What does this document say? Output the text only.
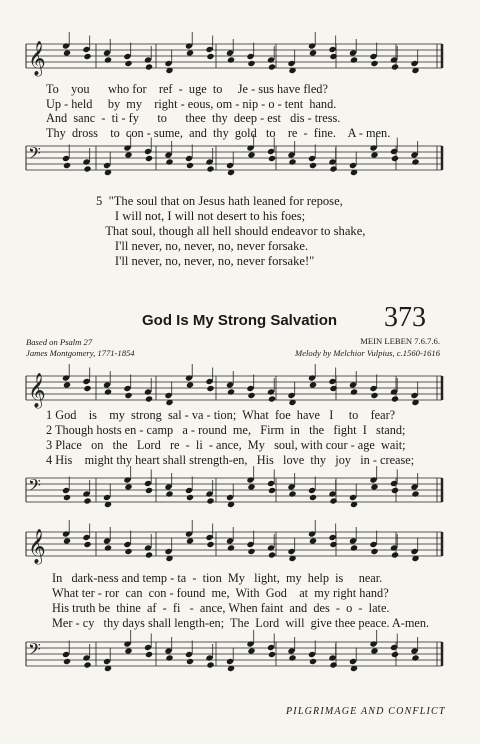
𝄞
To    you      who for    ref  -  uge  to     Je - sus have fled?
Up - held     by  my    right - eous, om - nip - o - tent  hand.
And  sanc  -  ti - fy      to      thee  thy  deep - est   dis - tress.
Thy  dross    to  con - sume,  and  thy  gold   to    re  -  fine.    A - men.
𝄢
5  "The soul that on Jesus hath leaned for repose,
I will not, I will not desert to his foes;
That soul, though all hell should endeavor to shake,
I'll never, no, never, no, never forsake.
I'll never, no, never, no, never forsake!"
God Is My Strong Salvation 373
Based on Psalm 27
James Montgomery, 1771-1854
MEIN LEBEN 7.6.7.6.
Melody by Melchior Vulpius, c.1560-1616
𝄞
1 God    is    my  strong  sal - va - tion;  What  foe  have   I     to    fear?
2 Though hosts en - camp   a - round  me,   Firm  in   the   fight  I   stand;
3 Place   on   the   Lord   re  -  li  - ance,  My   soul, with cour - age  wait;
4 His    might thy heart shall strength-en,   His   love  thy   joy   in - crease;
𝄢
𝄞
In   dark-ness and temp - ta  -  tion  My   light,  my  help  is     near.
What ter - ror  can  con - found  me,  With  God    at  my right hand?
His truth be  thine  af  -  fi   -  ance, When faint  and  des  -  o  -  late.
Mer - cy   thy days shall length-en;  The  Lord  will  give thee peace. A-men.
𝄢
PILGRIMAGE AND CONFLICT
